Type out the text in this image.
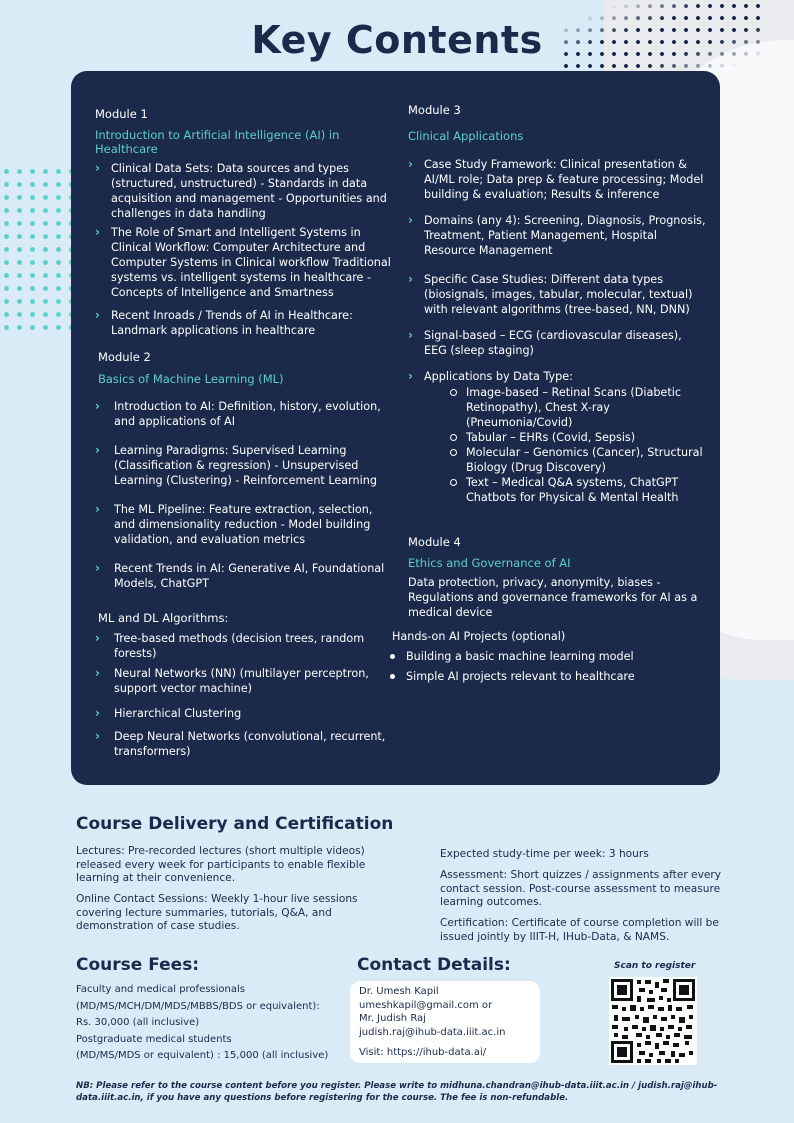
Key Contents
Module 1
Introduction to Artificial Intelligence (AI) in Healthcare
› Clinical Data Sets: Data sources and types (structured, unstructured) - Standards in data acquisition and management - Opportunities and challenges in data handling
› The Role of Smart and Intelligent Systems in Clinical Workflow: Computer Architecture and Computer Systems in Clinical workflow Traditional systems vs. intelligent systems in healthcare - Concepts of Intelligence and Smartness
› Recent Inroads / Trends of AI in Healthcare: Landmark applications in healthcare
Module 2
Basics of Machine Learning (ML)
› Introduction to AI: Definition, history, evolution, and applications of AI
› Learning Paradigms: Supervised Learning (Classification & regression) - Unsupervised Learning (Clustering) - Reinforcement Learning
› The ML Pipeline: Feature extraction, selection, and dimensionality reduction - Model building validation, and evaluation metrics
› Recent Trends in AI: Generative AI, Foundational Models, ChatGPT
ML and DL Algorithms:
› Tree-based methods (decision trees, random forests)
› Neural Networks (NN) (multilayer perceptron, support vector machine)
› Hierarchical Clustering
› Deep Neural Networks (convolutional, recurrent, transformers)
Module 3
Clinical Applications
› Case Study Framework: Clinical presentation & AI/ML role; Data prep & feature processing; Model building & evaluation; Results & inference
› Domains (any 4): Screening, Diagnosis, Prognosis, Treatment, Patient Management, Hospital Resource Management
› Specific Case Studies: Different data types (biosignals, images, tabular, molecular, textual) with relevant algorithms (tree-based, NN, DNN)
› Signal-based – ECG (cardiovascular diseases), EEG (sleep staging)
› Applications by Data Type:
Image-based – Retinal Scans (Diabetic Retinopathy), Chest X-ray (Pneumonia/Covid)
Tabular – EHRs (Covid, Sepsis)
Molecular – Genomics (Cancer), Structural Biology (Drug Discovery)
Text – Medical Q&A systems, ChatGPT Chatbots for Physical & Mental Health
Module 4
Ethics and Governance of AI
Data protection, privacy, anonymity, biases - Regulations and governance frameworks for AI as a medical device
Hands-on AI Projects (optional)
Building a basic machine learning model
Simple AI projects relevant to healthcare
Course Delivery and Certification
Lectures: Pre-recorded lectures (short multiple videos) released every week for participants to enable flexible learning at their convenience.
Online Contact Sessions: Weekly 1-hour live sessions covering lecture summaries, tutorials, Q&A, and demonstration of case studies.
Expected study-time per week: 3 hours
Assessment: Short quizzes / assignments after every contact session. Post-course assessment to measure learning outcomes.
Certification: Certificate of course completion will be issued jointly by IIIT-H, IHub-Data, & NAMS.
Course Fees:
Faculty and medical professionals
(MD/MS/MCH/DM/MDS/MBBS/BDS or equivalent):
Rs. 30,000 (all inclusive)
Postgraduate medical students
(MD/MS/MDS or equivalent) : 15,000 (all inclusive)
Contact Details:
Dr. Umesh Kapil
umeshkapil@gmail.com or
Mr. Judish Raj
judish.raj@ihub-data.iiit.ac.in
Visit: https://ihub-data.ai/
Scan to register
NB: Please refer to the course content before you register. Please write to midhuna.chandran@ihub-data.iiit.ac.in / judish.raj@ihub-data.iiit.ac.in, if you have any questions before registering for the course. The fee is non-refundable.
